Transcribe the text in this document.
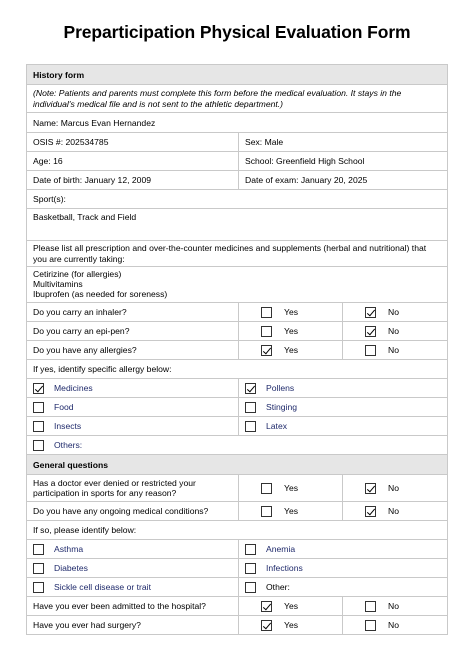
Preparticipation Physical Evaluation Form
History form		
(Note: Patients and parents must complete this form before the medical evaluation. It stays in the individual's medical file and is not sent to the athletic department.)		
Name: Marcus Evan Hernandez		
OSIS #: 202534785	Sex: Male	
Age: 16	School: Greenfield High School	
Date of birth: January 12, 2009	Date of exam: January 20, 2025	
Sport(s):		
Basketball, Track and Field		
Please list all prescription and over-the-counter medicines and supplements (herbal and nutritional) that you are currently taking:		

Cetirizine (for allergies)
Multivitamins
Ibuprofen (as needed for soreness)		

Do you carry an inhaler?	Yes	No

Do you carry an epi-pen?	Yes	No

Do you have any allergies?	Yes	No

If yes, identify specific allergy below:		

Medicines	Pollens	

Food	Stinging	

Insects	Latex	

Others:		

General questions		
Has a doctor ever denied or restricted your participation in sports for any reason?	Yes	No

Do you have any ongoing medical conditions?	Yes	No

If so, please identify below:		

Asthma	Anemia	

Diabetes	Infections	

Sickle cell disease or trait	Other:	

Have you ever been admitted to the hospital?	Yes	No

Have you ever had surgery?	Yes	No
